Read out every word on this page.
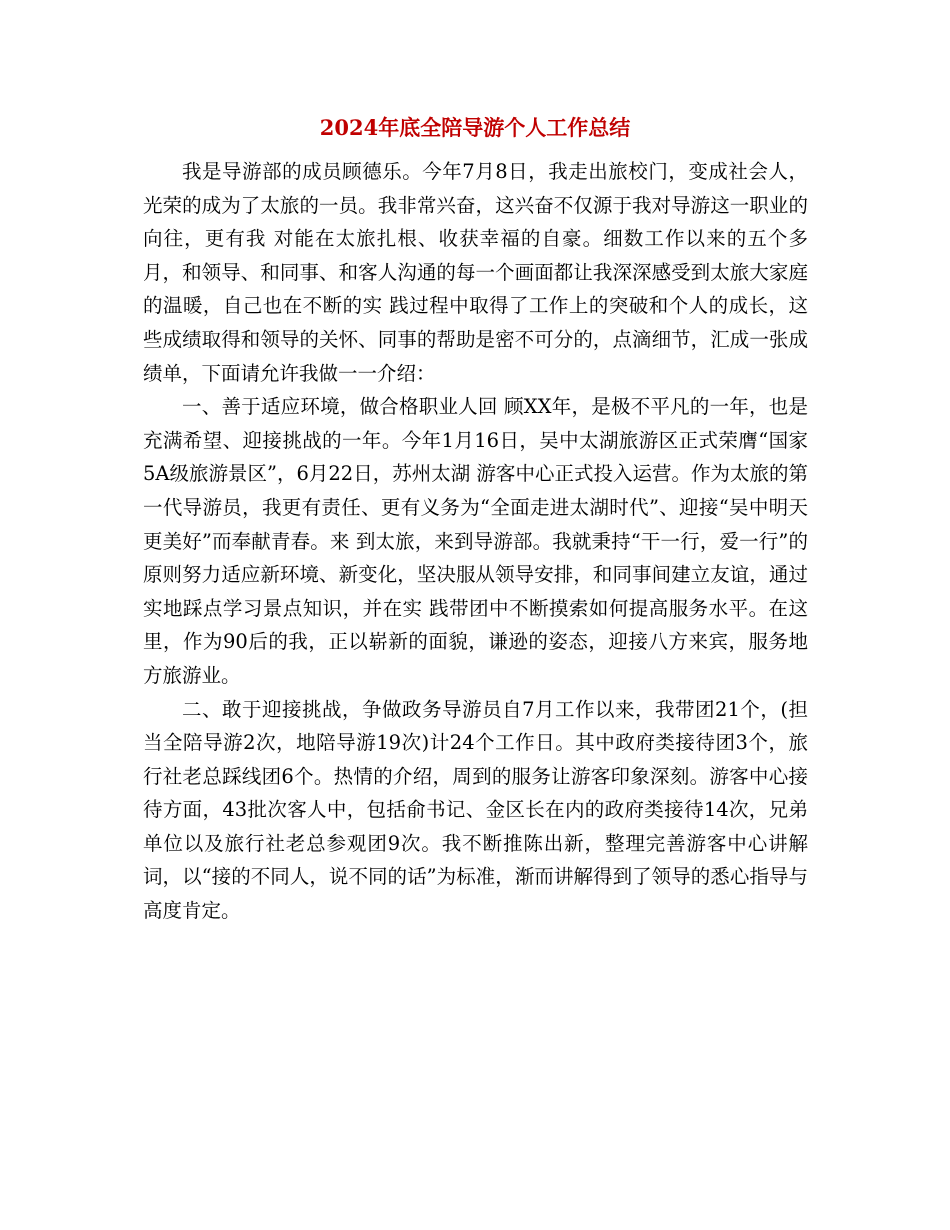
2024年底全陪导游个人工作总结

我是导游部的成员顾德乐。今年7月8日，我走出旅校门，变成社会人，光荣的成为了太旅的一员。我非常兴奋，这兴奋不仅源于我对导游这一职业的向往，更有我 对能在太旅扎根、收获幸福的自豪。细数工作以来的五个多月，和领导、和同事、和客人沟通的每一个画面都让我深深感受到太旅大家庭的温暖，自己也在不断的实 践过程中取得了工作上的突破和个人的成长，这些成绩取得和领导的关怀、同事的帮助是密不可分的，点滴细节，汇成一张成绩单，下面请允许我做一一介绍：

一、善于适应环境，做合格职业人回 顾XX年，是极不平凡的一年，也是充满希望、迎接挑战的一年。今年1月16日，吴中太湖旅游区正式荣膺“国家5A级旅游景区”，6月22日，苏州太湖 游客中心正式投入运营。作为太旅的第一代导游员，我更有责任、更有义务为“全面走进太湖时代”、迎接“吴中明天更美好”而奉献青春。来 到太旅，来到导游部。我就秉持“干一行，爱一行”的原则努力适应新环境、新变化，坚决服从领导安排，和同事间建立友谊，通过实地踩点学习景点知识，并在实 践带团中不断摸索如何提高服务水平。在这里，作为90后的我，正以崭新的面貌，谦逊的姿态，迎接八方来宾，服务地方旅游业。

二、敢于迎接挑战，争做政务导游员自7月工作以来，我带团21个，(担当全陪导游2次，地陪导游19次)计24个工作日。其中政府类接待团3个，旅行社老总踩线团6个。热情的介绍，周到的服务让游客印象深刻。游客中心接待方面，43批次客人中，包括俞书记、金区长在内的政府类接待14次，兄弟单位以及旅行社老总参观团9次。我不断推陈出新，整理完善游客中心讲解词，以“接的不同人，说不同的话”为标准，渐而讲解得到了领导的悉心指导与高度肯定。
